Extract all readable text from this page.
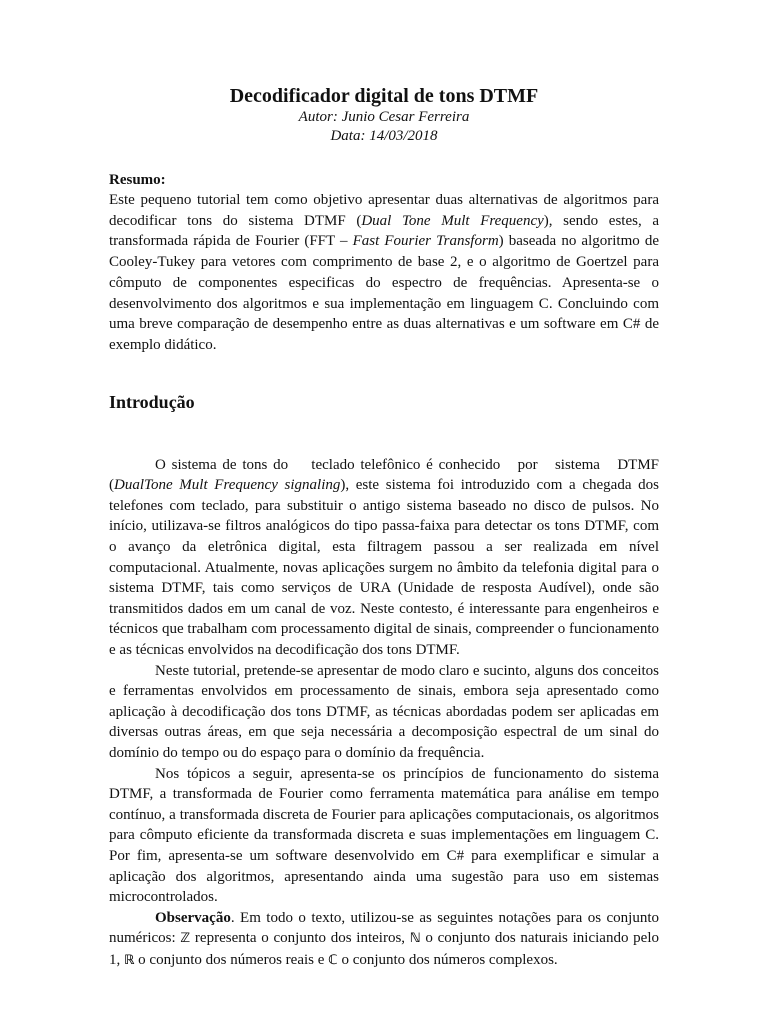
Decodificador digital de tons DTMF

Autor: Junio Cesar Ferreira

Data: 14/03/2018

Resumo:

Este pequeno tutorial tem como objetivo apresentar duas alternativas de algoritmos para decodificar tons do sistema DTMF (Dual Tone Mult Frequency), sendo estes, a transformada rápida de Fourier (FFT – Fast Fourier Transform) baseada no algoritmo de Cooley-Tukey para vetores com comprimento de base 2, e o algoritmo de Goertzel para cômputo de componentes especificas do espectro de frequências. Apresenta-se o desenvolvimento dos algoritmos e sua implementação em linguagem C. Concluindo com uma breve comparação de desempenho entre as duas alternativas e um software em C# de exemplo didático.

Introdução

O sistema de tons do    teclado telefônico é conhecido   por   sistema   DTMF (DualTone Mult Frequency signaling), este sistema foi introduzido com a chegada dos telefones com teclado, para substituir o antigo sistema baseado no disco de pulsos. No início, utilizava-se filtros analógicos do tipo passa-faixa para detectar os tons DTMF, com o avanço da eletrônica digital, esta filtragem passou a ser realizada em nível computacional. Atualmente, novas aplicações surgem no âmbito da telefonia digital para o sistema DTMF, tais como serviços de URA (Unidade de resposta Audível), onde são transmitidos dados em um canal de voz. Neste contesto, é interessante para engenheiros e técnicos que trabalham com processamento digital de sinais, compreender o funcionamento e as técnicas envolvidos na decodificação dos tons DTMF.

Neste tutorial, pretende-se apresentar de modo claro e sucinto, alguns dos conceitos e ferramentas envolvidos em processamento de sinais, embora seja apresentado como aplicação à decodificação dos tons DTMF, as técnicas abordadas podem ser aplicadas em diversas outras áreas, em que seja necessária a decomposição espectral de um sinal do domínio do tempo ou do espaço para o domínio da frequência.

Nos tópicos a seguir, apresenta-se os princípios de funcionamento do sistema DTMF, a transformada de Fourier como ferramenta matemática para análise em tempo contínuo, a transformada discreta de Fourier para aplicações computacionais, os algoritmos para cômputo eficiente da transformada discreta e suas implementações em linguagem C. Por fim, apresenta-se um software desenvolvido em C# para exemplificar e simular a aplicação dos algoritmos, apresentando ainda uma sugestão para uso em sistemas microcontrolados.

Observação. Em todo o texto, utilizou-se as seguintes notações para os conjunto numéricos: ℤ representa o conjunto dos inteiros, ℕ o conjunto dos naturais iniciando pelo 1, ℝ o conjunto dos números reais e ℂ o conjunto dos números complexos.
